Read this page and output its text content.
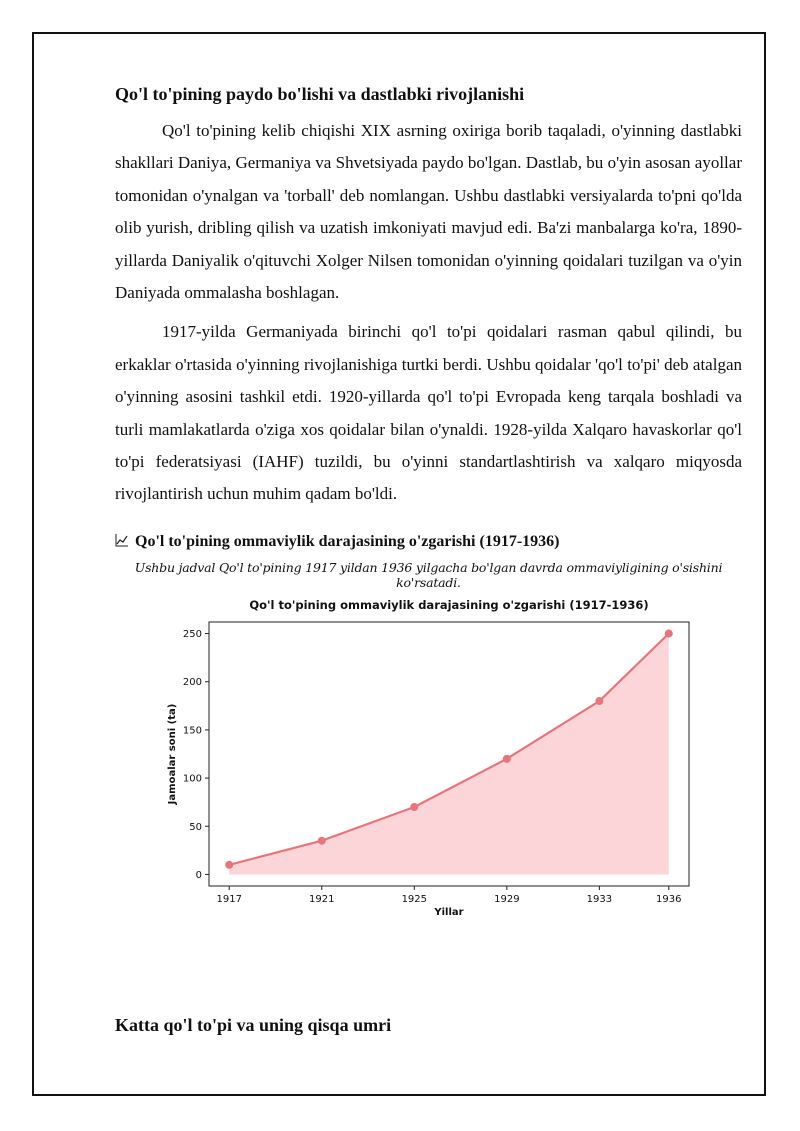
Qo'l to'pining paydo bo'lishi va dastlabki rivojlanishi

Qo'l to'pining kelib chiqishi XIX asrning oxiriga borib taqaladi, o'yinning dastlabki shakllari Daniya, Germaniya va Shvetsiyada paydo bo'lgan. Dastlab, bu o'yin asosan ayollar tomonidan o'ynalgan va 'torball' deb nomlangan. Ushbu dastlabki versiyalarda to'pni qo'lda olib yurish, dribling qilish va uzatish imkoniyati mavjud edi. Ba'zi manbalarga ko'ra, 1890-yillarda Daniyalik o'qituvchi Xolger Nilsen tomonidan o'yinning qoidalari tuzilgan va o'yin Daniyada ommalasha boshlagan.

1917-yilda Germaniyada birinchi qo'l to'pi qoidalari rasman qabul qilindi, bu erkaklar o'rtasida o'yinning rivojlanishiga turtki berdi. Ushbu qoidalar 'qo'l to'pi' deb atalgan o'yinning asosini tashkil etdi. 1920-yillarda qo'l to'pi Evropada keng tarqala boshladi va turli mamlakatlarda o'ziga xos qoidalar bilan o'ynaldi. 1928-yilda Xalqaro havaskorlar qo'l to'pi federatsiyasi (IAHF) tuzildi, bu o'yinni standartlashtirish va xalqaro miqyosda rivojlantirish uchun muhim qadam bo'ldi.

Qo'l to'pining ommaviylik darajasining o'zgarishi (1917-1936)
Ushbu jadval Qo'l to'pining 1917 yildan 1936 yilgacha bo'lgan davrda ommaviyligining o'sishini ko'rsatadi.
Qo'l to'pining ommaviylik darajasining o'zgarishi (1917-1936)
0
50
100
150
200
250
1917	1921	1925	1929	1933	1936
Yillar
Jamoalar soni (ta)
Katta qo'l to'pi va uning qisqa umri
